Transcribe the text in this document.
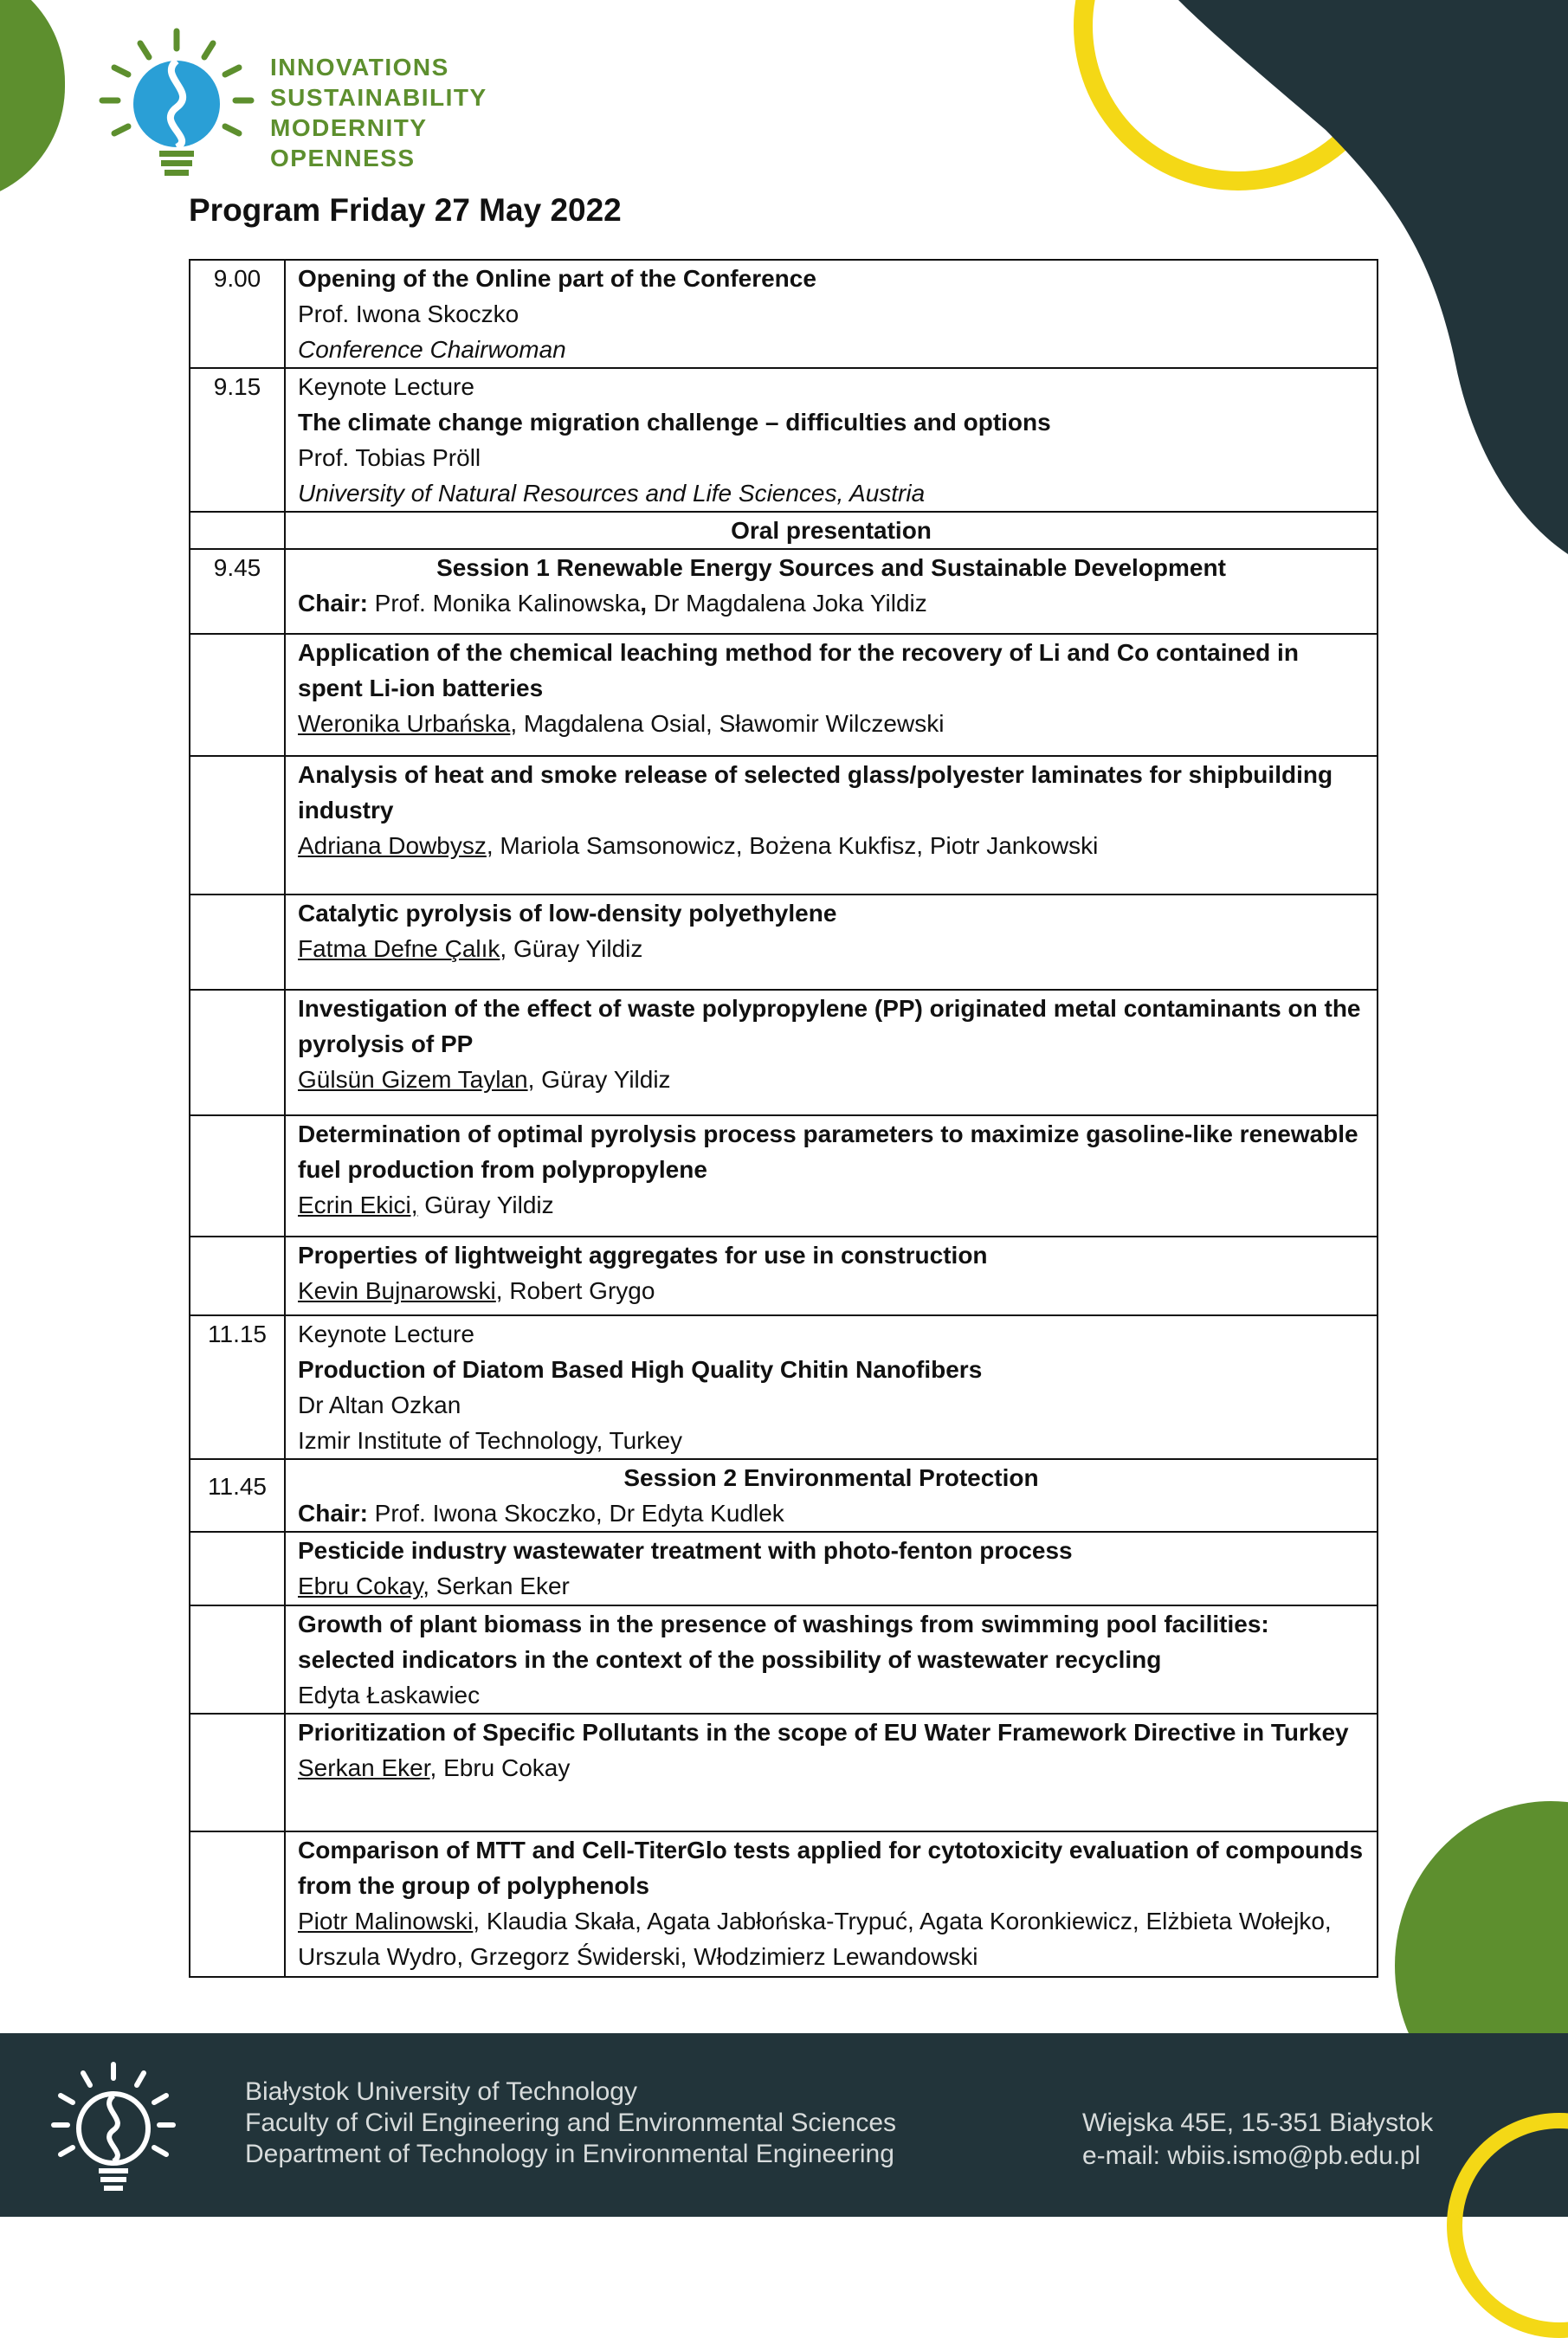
INNOVATIONS
SUSTAINABILITY
MODERNITY
OPENNESS
Program Friday 27 May 2022
9.00	Opening of the Online part of the Conference
Prof. Iwona Skoczko
Conference Chairwoman

9.15	Keynote Lecture
The climate change migration challenge – difficulties and options
Prof. Tobias Pröll
University of Natural Resources and Life Sciences, Austria

	Oral presentation
9.45	Session 1 Renewable Energy Sources and Sustainable Development
Chair: Prof. Monika Kalinowska, Dr Magdalena Joka Yildiz

	Application of the chemical leaching method for the recovery of Li and Co contained in spent Li-ion batteries
Weronika Urbańska, Magdalena Osial, Sławomir Wilczewski

	Analysis of heat and smoke release of selected glass/polyester laminates for shipbuilding industry
Adriana Dowbysz, Mariola Samsonowicz, Bożena Kukfisz, Piotr Jankowski

	Catalytic pyrolysis of low-density polyethylene
Fatma Defne Çalık, Güray Yildiz

	Investigation of the effect of waste polypropylene (PP) originated metal contaminants on the pyrolysis of PP
Gülsün Gizem Taylan, Güray Yildiz

	Determination of optimal pyrolysis process parameters to maximize gasoline-like renewable fuel production from polypropylene
Ecrin Ekici, Güray Yildiz

	Properties of lightweight aggregates for use in construction
Kevin Bujnarowski, Robert Grygo

11.15	Keynote Lecture
Production of Diatom Based High Quality Chitin Nanofibers
Dr Altan Ozkan
Izmir Institute of Technology, Turkey

11.45	Session 2 Environmental Protection
Chair: Prof. Iwona Skoczko, Dr Edyta Kudlek

	Pesticide industry wastewater treatment with photo-fenton process
Ebru Cokay, Serkan Eker

	Growth of plant biomass in the presence of washings from swimming pool facilities: selected indicators in the context of the possibility of wastewater recycling
Edyta Łaskawiec

	Prioritization of Specific Pollutants in the scope of EU Water Framework Directive in Turkey
Serkan Eker, Ebru Cokay

	Comparison of MTT and Cell-TiterGlo tests applied for cytotoxicity evaluation of compounds from the group of polyphenols
Piotr Malinowski, Klaudia Skała, Agata Jabłońska-Trypuć, Agata Koronkiewicz, Elżbieta Wołejko, Urszula Wydro, Grzegorz Świderski, Włodzimierz Lewandowski
Białystok University of Technology
Faculty of Civil Engineering and Environmental Sciences
Department of Technology in Environmental Engineering
Wiejska 45E, 15-351 Białystok
e-mail: wbiis.ismo@pb.edu.pl
